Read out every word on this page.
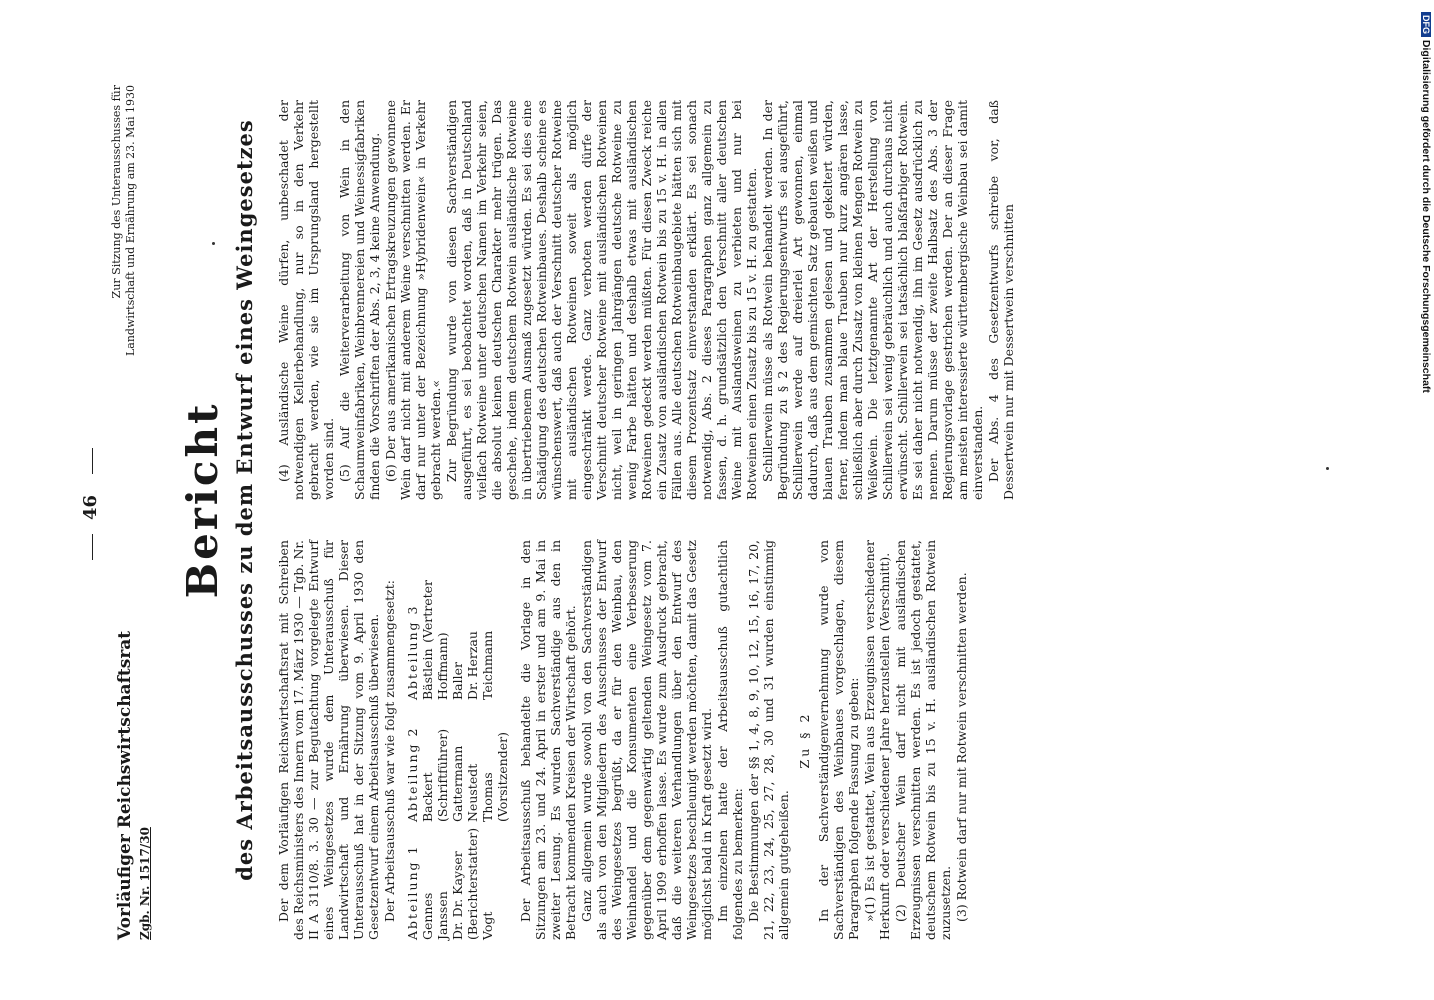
Vorläufiger Reichswirtschaftsrat Zgb. Nr. 1517/30
46
Zur Sitzung des Unterausschusses für Landwirtschaft und Ernährung am 23. Mai 1930
Bericht des Arbeitsausschusses zu dem Entwurf eines Weingesetzes Der dem Vorläufigen Reichswirtschaftsrat mit Schreiben des Reichsministers des Innern vom 17. März 1930 — Tgb. Nr. II A 3110/8. 3. 30 — zur Begutachtung vorgelegte Entwurf eines Weingesetzes wurde dem Unterausschuß für Landwirtschaft und Ernährung überwiesen. Dieser Unterausschuß hat in der Sitzung vom 9. April 1930 den Gesetzentwurf einem Arbeitsausschuß überwiesen. Der Arbeitsausschuß war wie folgt zusammengesetzt: Abteilung 1 Gennes Janssen Dr. Dr. Kayser (Berichterstatter) Vogt
Abteilung 2 Backert (Schriftführer) Gattermann Neustedt Thomas (Vorsitzender)
Abteilung 3 Bästlein (Vertreter Hoffmann) Baller Dr. Herzau Teichmann Der Arbeitsausschuß behandelte die Vorlage in den Sitzungen am 23. und 24. April in erster und am 9. Mai in zweiter Lesung. Es wurden Sachverständige aus den in Betracht kommenden Kreisen der Wirtschaft gehört. Ganz allgemein wurde sowohl von den Sachverständigen als auch von den Mitgliedern des Ausschusses der Entwurf des Weingesetzes begrüßt, da er für den Weinbau, den Weinhandel und die Konsumenten eine Verbesserung gegenüber dem gegenwärtig geltenden Weingesetz vom 7. April 1909 erhoffen lasse. Es wurde zum Ausdruck gebracht, daß die weiteren Verhandlungen über den Entwurf des Weingesetzes beschleunigt werden möchten, damit das Gesetz möglichst bald in Kraft gesetzt wird. Im einzelnen hatte der Arbeitsausschuß gutachtlich folgendes zu bemerken: Die Bestimmungen der §§ 1, 4, 8, 9, 10, 12, 15, 16, 17, 20, 21, 22, 23, 24, 25, 27, 28, 30 und 31 wurden einstimmig allgemein gutgeheißen.

Zu § 2 In der Sachverständigenvernehmung wurde von Sachverständigen des Weinbaues vorgeschlagen, diesem Paragraphen folgende Fassung zu geben: »(1) Es ist gestattet, Wein aus Erzeugnissen verschiedener Herkunft oder verschiedener Jahre herzustellen (Verschnitt). (2) Deutscher Wein darf nicht mit ausländischen Erzeugnissen verschnitten werden. Es ist jedoch gestattet, deutschem Rotwein bis zu 15 v. H. ausländischen Rotwein zuzusetzen. (3) Rotwein darf nur mit Rotwein verschnitten werden.

(4) Ausländische Weine dürfen, unbeschadet der notwendigen Kellerbehandlung, nur so in den Verkehr gebracht werden, wie sie im Ursprungsland hergestellt worden sind. (5) Auf die Weiterverarbeitung von Wein in den Schaumweinfabriken, Weinbrennereien und Weinessigfabriken finden die Vorschriften der Abs. 2, 3, 4 keine Anwendung. (6) Der aus amerikanischen Ertragskreuzungen gewonnene Wein darf nicht mit anderem Weine verschnitten werden. Er darf nur unter der Bezeichnung »Hybridenwein« in Verkehr gebracht werden.« Zur Begründung wurde von diesen Sachverständigen ausgeführt, es sei beobachtet worden, daß in Deutschland vielfach Rotweine unter deutschen Namen im Verkehr seien, die absolut keinen deutschen Charakter mehr trügen. Das geschehe, indem deutschem Rotwein ausländische Rotweine in übertriebenem Ausmaß zugesetzt würden. Es sei dies eine Schädigung des deutschen Rotweinbaues. Deshalb scheine es wünschenswert, daß auch der Verschnitt deutscher Rotweine mit ausländischen Rotweinen soweit als möglich eingeschränkt werde. Ganz verboten werden dürfe der Verschnitt deutscher Rotweine mit ausländischen Rotweinen nicht, weil in geringen Jahrgängen deutsche Rotweine zu wenig Farbe hätten und deshalb etwas mit ausländischen Rotweinen gedeckt werden müßten. Für diesen Zweck reiche ein Zusatz von ausländischen Rotwein bis zu 15 v. H. in allen Fällen aus. Alle deutschen Rotweinbaugebiete hätten sich mit diesem Prozentsatz einverstanden erklärt. Es sei sonach notwendig, Abs. 2 dieses Paragraphen ganz allgemein zu fassen, d. h. grundsätzlich den Verschnitt aller deutschen Weine mit Auslandsweinen zu verbieten und nur bei Rotweinen einen Zusatz bis zu 15 v. H. zu gestatten. Schillerwein müsse als Rotwein behandelt werden. In der Begründung zu § 2 des Regierungsentwurfs sei ausgeführt, Schillerwein werde auf dreierlei Art gewonnen, einmal dadurch, daß aus dem gemischten Satz gebauten weißen und blauen Trauben zusammen gelesen und gekeltert würden, ferner, indem man blaue Trauben nur kurz angären lasse, schließlich aber durch Zusatz von kleinen Mengen Rotwein zu Weißwein. Die letztgenannte Art der Herstellung von Schillerwein sei wenig gebräuchlich und auch durchaus nicht erwünscht. Schillerwein sei tatsächlich blaßfarbiger Rotwein. Es sei daher nicht notwendig, ihn im Gesetz ausdrücklich zu nennen. Darum müsse der zweite Halbsatz des Abs. 3 der Regierungsvorlage gestrichen werden. Der an dieser Frage am meisten interessierte württembergische Weinbau sei damit einverstanden. Der Abs. 4 des Gesetzentwurfs schreibe vor, daß Dessertwein nur mit Dessertwein verschnitten

DFG Digitalisierung gefördert durch die Deutsche Forschungsgemeinschaft
